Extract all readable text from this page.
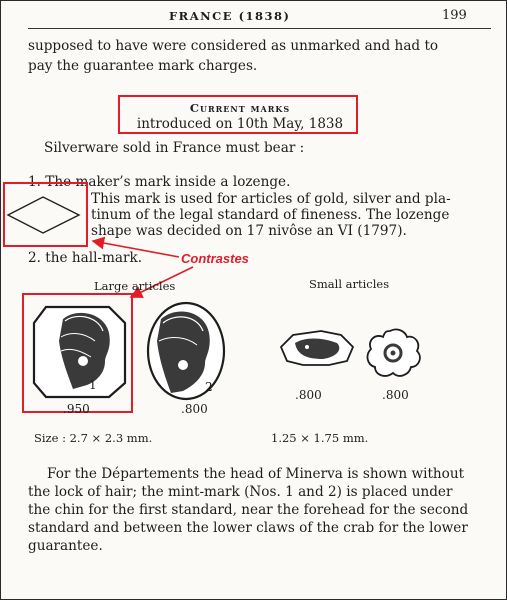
FRANCE (1838)	199
supposed to have were considered as unmarked and had to
pay the guarantee mark charges.
Current marks
introduced on 10th May, 1838
Silverware sold in France must bear :
1. The maker’s mark inside a lozenge.
This mark is used for articles of gold, silver and pla-
tinum of the legal standard of fineness. The lozenge
shape was decided on 17 nivôse an VI (1797).
2. the hall-mark.	Contrastes
Large articles	Small articles
1	2
.950	.800
.800	.800
Size : 2.7 × 2.3 mm.	1.25 × 1.75 mm.
For the Départements the head of Minerva is shown without
the lock of hair; the mint-mark (Nos. 1 and 2) is placed under
the chin for the first standard, near the forehead for the second
standard and between the lower claws of the crab for the lower
guarantee.
